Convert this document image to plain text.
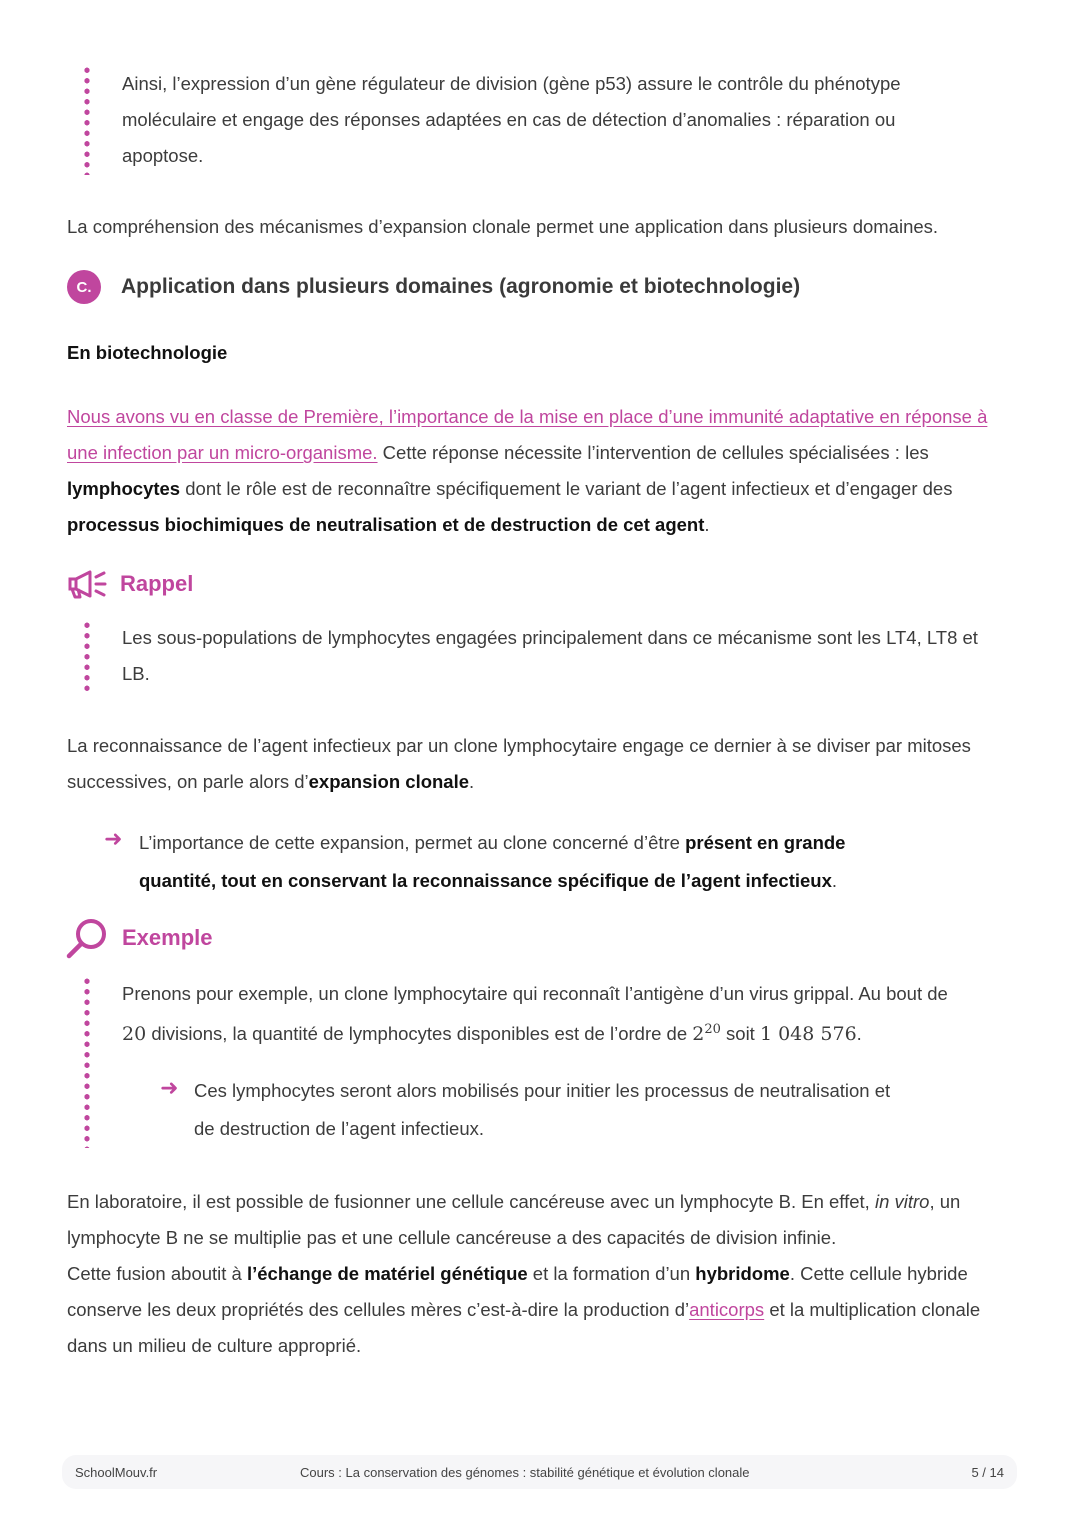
Ainsi, l’expression d’un gène régulateur de division (gène p53) assure le contrôle du phénotype

moléculaire et engage des réponses adaptées en cas de détection d’anomalies : réparation ou

apoptose.

La compréhension des mécanismes d’expansion clonale permet une application dans plusieurs domaines.

C.	Application dans plusieurs domaines (agronomie et biotechnologie)

En biotechnologie

Nous avons vu en classe de Première, l’importance de la mise en place d’une immunité adaptative en réponse à

une infection par un micro-organisme. Cette réponse nécessite l’intervention de cellules spécialisées : les

lymphocytes dont le rôle est de reconnaître spécifiquement le variant de l’agent infectieux et d’engager des

processus biochimiques de neutralisation et de destruction de cet agent.

Rappel

Les sous-populations de lymphocytes engagées principalement dans ce mécanisme sont les LT4, LT8 et

LB.

La reconnaissance de l’agent infectieux par un clone lymphocytaire engage ce dernier à se diviser par mitoses

successives, on parle alors d’expansion clonale.

➜ L’importance de cette expansion, permet au clone concerné d’être présent en grande

quantité, tout en conservant la reconnaissance spécifique de l’agent infectieux.

Exemple

Prenons pour exemple, un clone lymphocytaire qui reconnaît l’antigène d’un virus grippal. Au bout de

20 divisions, la quantité de lymphocytes disponibles est de l’ordre de $2^{20}$ soit 1 048 576.

➜ Ces lymphocytes seront alors mobilisés pour initier les processus de neutralisation et

de destruction de l’agent infectieux.

En laboratoire, il est possible de fusionner une cellule cancéreuse avec un lymphocyte B. En effet, in vitro, un

lymphocyte B ne se multiplie pas et une cellule cancéreuse a des capacités de division infinie.

Cette fusion aboutit à l’échange de matériel génétique et la formation d’un hybridome. Cette cellule hybride

conserve les deux propriétés des cellules mères c’est-à-dire la production d’anticorps et la multiplication clonale

dans un milieu de culture approprié.

SchoolMouv.fr	Cours : La conservation des génomes : stabilité génétique et évolution clonale	5 / 14
